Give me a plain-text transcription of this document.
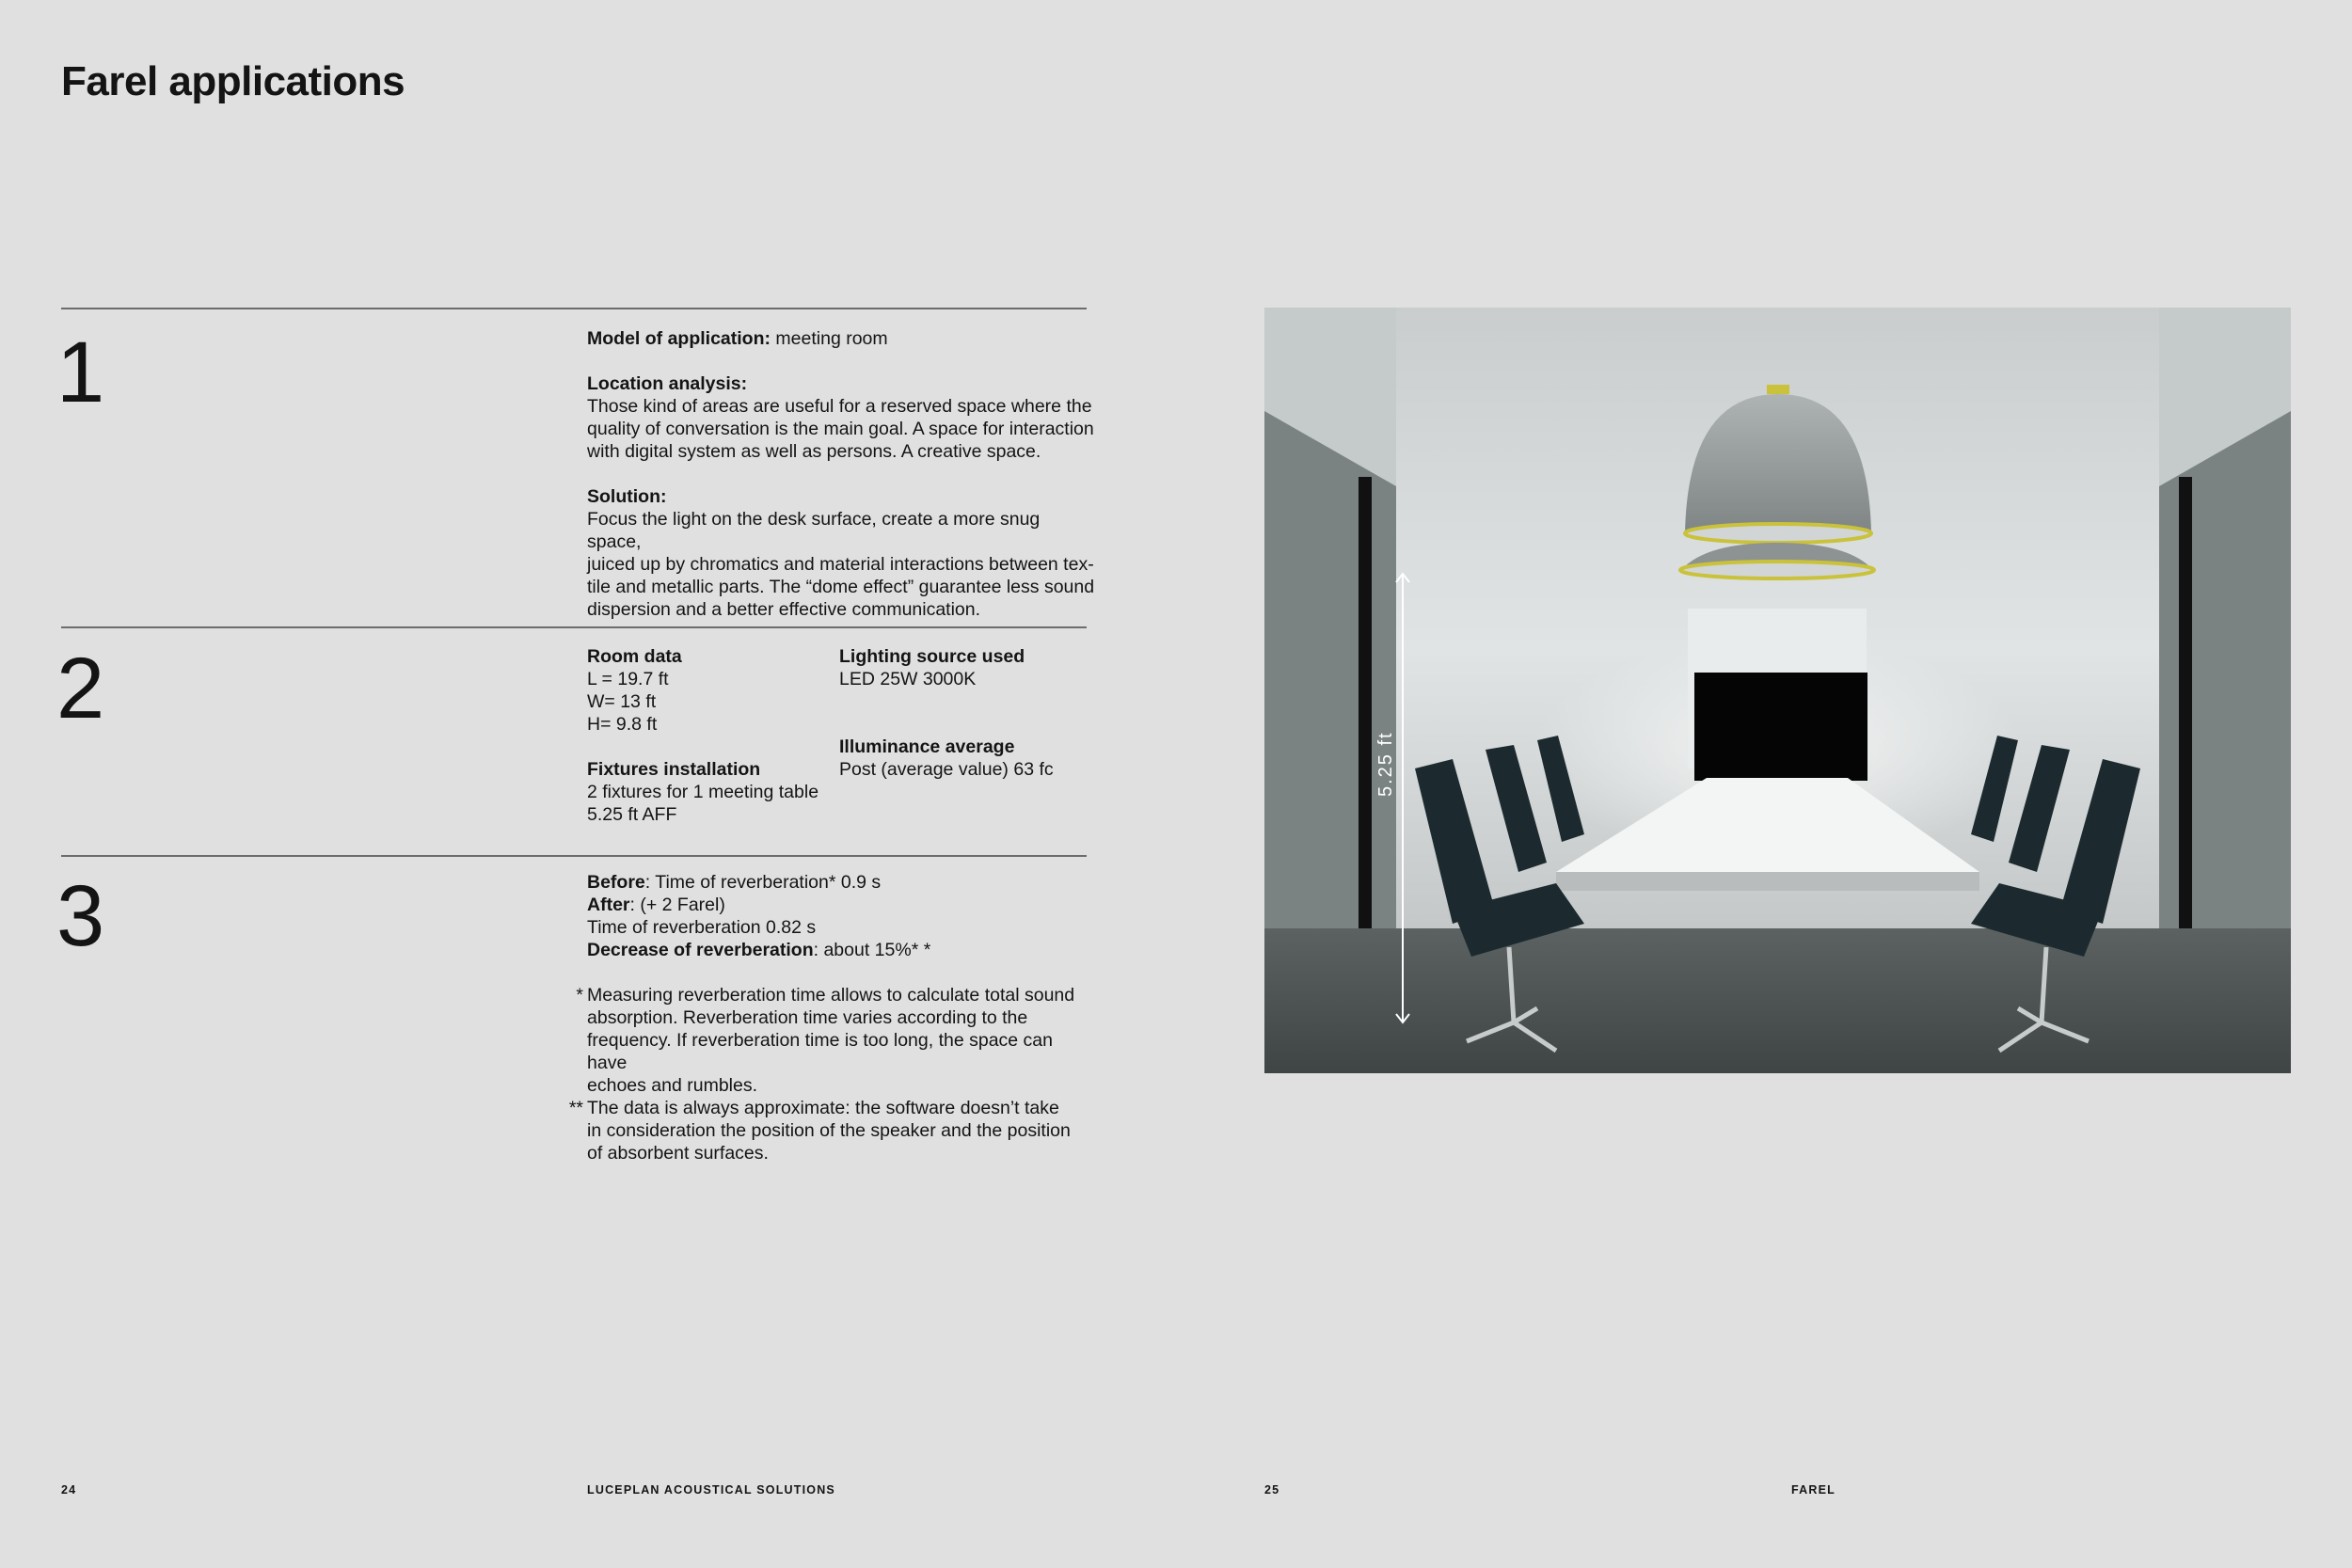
Farel applications
1	Model of application: meeting room
Location analysis:
Those kind of areas are useful for a reserved space where the
quality of conversation is the main goal. A space for interaction
with digital system as well as persons. A creative space.
Solution:
Focus the light on the desk surface, create a more snug space,
juiced up by chromatics and material interactions between tex-
tile and metallic parts. The “dome effect” guarantee less sound
dispersion and a better effective communication.
2	Room data
L = 19.7 ft
W= 13 ft
H= 9.8 ft
Fixtures installation
2 fixtures for 1 meeting table
5.25 ft AFF
Lighting source used
LED 25W 3000K
Illuminance average
Post (average value) 63 fc
3	Before: Time of reverberation* 0.9 s
After: (+ 2 Farel)
Time of reverberation 0.82 s
Decrease of reverberation: about 15%* *
* Measuring reverberation time allows to calculate total sound
absorption. Reverberation time varies according to the
frequency. If reverberation time is too long, the space can have
echoes and rumbles.
** The data is always approximate: the software doesn’t take
in consideration the position of the speaker and the position
of absorbent surfaces.
5.25 ft
24	LUCEPLAN ACOUSTICAL SOLUTIONS	25	FAREL
